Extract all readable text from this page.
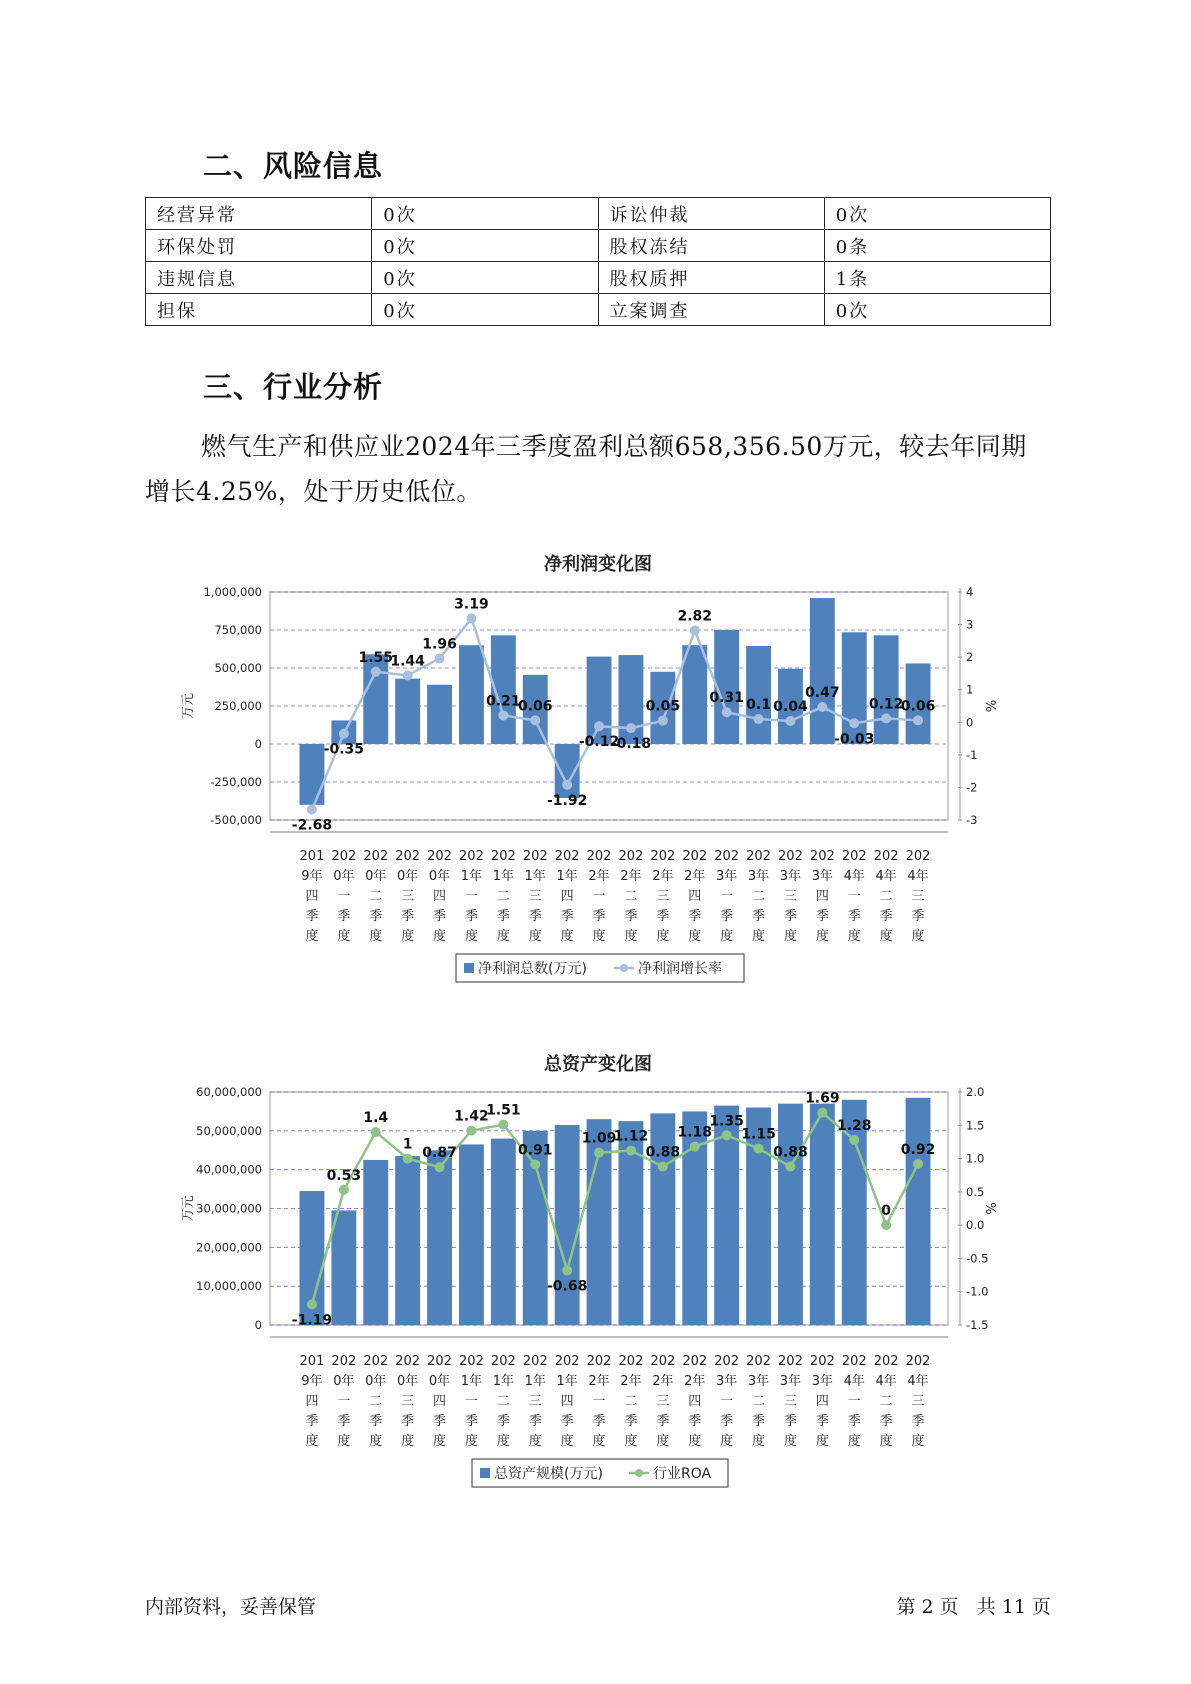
二、风险信息
经营异常	0次	诉讼仲裁	0次
环保处罚	0次	股权冻结	0条
违规信息	0次	股权质押	1条
担保	0次	立案调查	0次
三、行业分析

燃气生产和供应业2024年三季度盈利总额658,356.50万元，较去年同期增长4.25%，处于历史低位。

净利润变化图
1,000,000
750,000
500,000
250,000
0
-250,000
-500,000
4
3
2
1
0
-1
-2
-3
万元	%
-2.68
-0.35
1.55
1.44
1.96
3.19
0.21
0.06
-1.92
-0.12
-0.18
0.05
2.82
0.31 0.1 0.04
0.47
-0.03
0.12
0.06
201 9年四季度
202 0年一季度
202 0年二季度
202 0年三季度
202 0年四季度
202 1年一季度
202 1年二季度
202 1年三季度
202 1年四季度
202 2年一季度
202 2年二季度
202 2年三季度
202 2年四季度
202 3年一季度
202 3年二季度
202 3年三季度
202 3年四季度
202 4年一季度
202 4年二季度
202 4年三季度
净利润总数(万元)	净利润增长率
总资产变化图
60,000,000
50,000,000
40,000,000
30,000,000
20,000,000
10,000,000
0
2.0
1.5
1.0
0.5
0.0
-0.5
-1.0
-1.5
万元	%
-1.19
0.53
1.4
1
0.87
1.42
1.51
0.91
-0.68
1.09
1.12
0.88
1.18
1.35
1.15
0.88
1.69
1.28
0
0.92
201 9年四季度
202 0年一季度
202 0年二季度
202 0年三季度
202 0年四季度
202 1年一季度
202 1年二季度
202 1年三季度
202 1年四季度
202 2年一季度
202 2年二季度
202 2年三季度
202 2年四季度
202 3年一季度
202 3年二季度
202 3年三季度
202 3年四季度
202 4年一季度
202 4年二季度
202 4年三季度
总资产规模(万元)	行业ROA
内部资料，妥善保管	第 2 页   共 11 页
